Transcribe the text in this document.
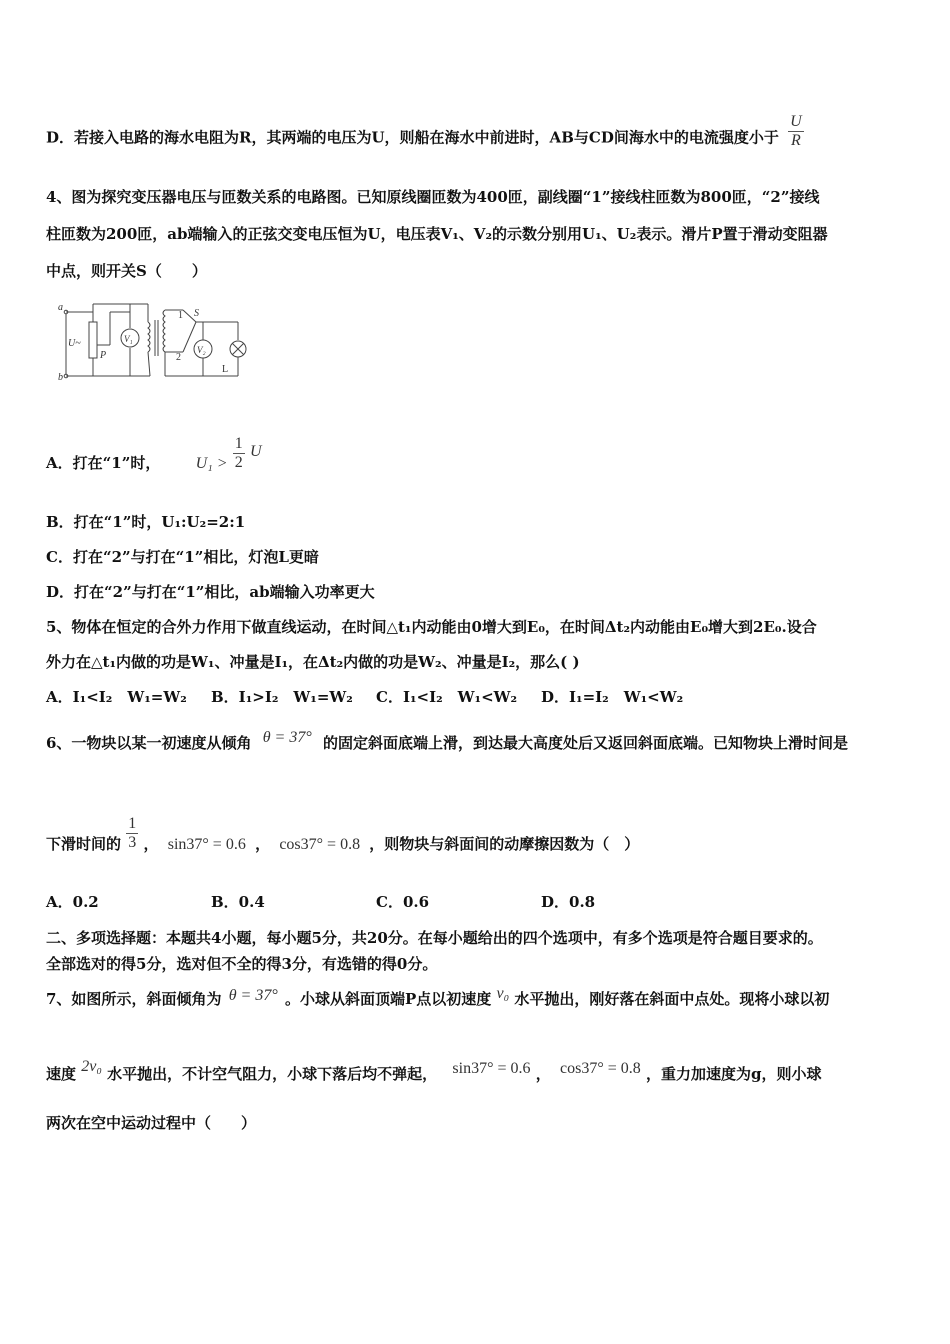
D．若接入电路的海水电阻为R，其两端的电压为U，则船在海水中前进时，AB与CD间海水中的电流强度小于 $\frac{U}{R}$
4、图为探究变压器电压与匝数关系的电路图。已知原线圈匝数为400匝，副线圈“1”接线柱匝数为800匝，“2”接线
柱匝数为200匝，ab端输入的正弦交变电压恒为U，电压表V₁、V₂的示数分别用U₁、U₂表示。滑片P置于滑动变阻器
中点，则开关S（　　）
a
b
U~
P
V₁
1
2
S
V₂
L
A．打在“1”时， $U_1 > \frac{1}{2}$ U
B．打在“1”时，U₁:U₂=2:1
C．打在“2”与打在“1”相比，灯泡L更暗
D．打在“2”与打在“1”相比，ab端输入功率更大
5、物体在恒定的合外力作用下做直线运动，在时间△t₁内动能由0增大到E₀，在时间Δt₂内动能由E₀增大到2E₀.设合
外力在△t₁内做的功是W₁、冲量是I₁，在Δt₂内做的功是W₂、冲量是I₂，那么( )
A．I₁<I₂　W₁=W₂ B．I₁>I₂　W₁=W₂ C．I₁<I₂　W₁<W₂ D．I₁=I₂　W₁<W₂
6、一物块以某一初速度从倾角 θ = 37° 的固定斜面底端上滑，到达最大高度处后又返回斜面底端。已知物块上滑时间是
下滑时间的 $\frac{1}{3}$ ， sin37° = 0.6 ， cos37° = 0.8 ，则物块与斜面间的动摩擦因数为（　）
A．0.2	B．0.4	C．0.6	D．0.8
二、多项选择题：本题共4小题，每小题5分，共20分。在每小题给出的四个选项中，有多个选项是符合题目要求的。
全部选对的得5分，选对但不全的得3分，有选错的得0分。
7、如图所示，斜面倾角为 θ = 37° 。小球从斜面顶端P点以初速度 v₀ 水平抛出，刚好落在斜面中点处。现将小球以初
速度 2v₀ 水平抛出，不计空气阻力，小球下落后均不弹起， sin37° = 0.6 ， cos37° = 0.8 ，重力加速度为g，则小球
两次在空中运动过程中（　　）
